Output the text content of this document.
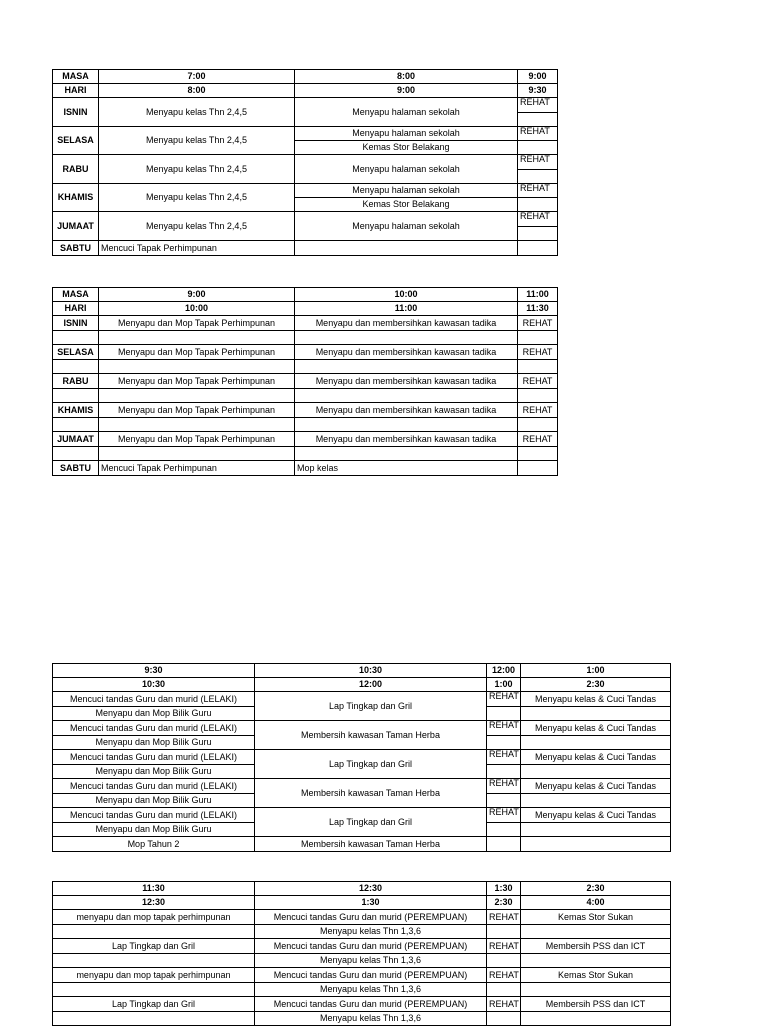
MASA	7:00	8:00	9:00
HARI	8:00	9:00	9:30
ISNIN	Menyapu kelas Thn 2,4,5	Menyapu halaman sekolah	REHAT

SELASA	Menyapu kelas Thn 2,4,5	Menyapu halaman sekolah	REHAT
		Kemas Stor Belakang	
RABU	Menyapu kelas Thn 2,4,5	Menyapu halaman sekolah	REHAT

KHAMIS	Menyapu kelas Thn 2,4,5	Menyapu halaman sekolah	REHAT
		Kemas Stor Belakang	
JUMAAT	Menyapu kelas Thn 2,4,5	Menyapu halaman sekolah	REHAT

SABTU	Mencuci Tapak Perhimpunan		
MASA	9:00	10:00	11:00
HARI	10:00	11:00	11:30
ISNIN	Menyapu dan Mop Tapak Perhimpunan	Menyapu dan membersihkan kawasan tadika	REHAT

SELASA	Menyapu dan Mop Tapak Perhimpunan	Menyapu dan membersihkan kawasan tadika	REHAT

RABU	Menyapu dan Mop Tapak Perhimpunan	Menyapu dan membersihkan kawasan tadika	REHAT

KHAMIS	Menyapu dan Mop Tapak Perhimpunan	Menyapu dan membersihkan kawasan tadika	REHAT

JUMAAT	Menyapu dan Mop Tapak Perhimpunan	Menyapu dan membersihkan kawasan tadika	REHAT

SABTU	Mencuci Tapak Perhimpunan	Mop kelas	
9:30	10:30	12:00	1:00
10:30	12:00	1:00	2:30
Mencuci tandas Guru dan murid (LELAKI)	Lap Tingkap dan Gril	REHAT	Menyapu kelas & Cuci Tandas
Menyapu dan Mop Bilik Guru			
Mencuci tandas Guru dan murid (LELAKI)	Membersih kawasan Taman Herba	REHAT	Menyapu kelas & Cuci Tandas
Menyapu dan Mop Bilik Guru			
Mencuci tandas Guru dan murid (LELAKI)	Lap Tingkap dan Gril	REHAT	Menyapu kelas & Cuci Tandas
Menyapu dan Mop Bilik Guru			
Mencuci tandas Guru dan murid (LELAKI)	Membersih kawasan Taman Herba	REHAT	Menyapu kelas & Cuci Tandas
Menyapu dan Mop Bilik Guru			
Mencuci tandas Guru dan murid (LELAKI)	Lap Tingkap dan Gril	REHAT	Menyapu kelas & Cuci Tandas
Menyapu dan Mop Bilik Guru			
Mop Tahun 2	Membersih kawasan Taman Herba		
11:30	12:30	1:30	2:30
12:30	1:30	2:30	4:00
menyapu dan mop tapak perhimpunan	Mencuci tandas Guru dan murid (PEREMPUAN)	REHAT	Kemas Stor Sukan
	Menyapu kelas Thn 1,3,6		
Lap Tingkap dan Gril	Mencuci tandas Guru dan murid (PEREMPUAN)	REHAT	Membersih PSS dan ICT
	Menyapu kelas Thn 1,3,6		
menyapu dan mop tapak perhimpunan	Mencuci tandas Guru dan murid (PEREMPUAN)	REHAT	Kemas Stor Sukan
	Menyapu kelas Thn 1,3,6		
Lap Tingkap dan Gril	Mencuci tandas Guru dan murid (PEREMPUAN)	REHAT	Membersih PSS dan ICT
	Menyapu kelas Thn 1,3,6		
